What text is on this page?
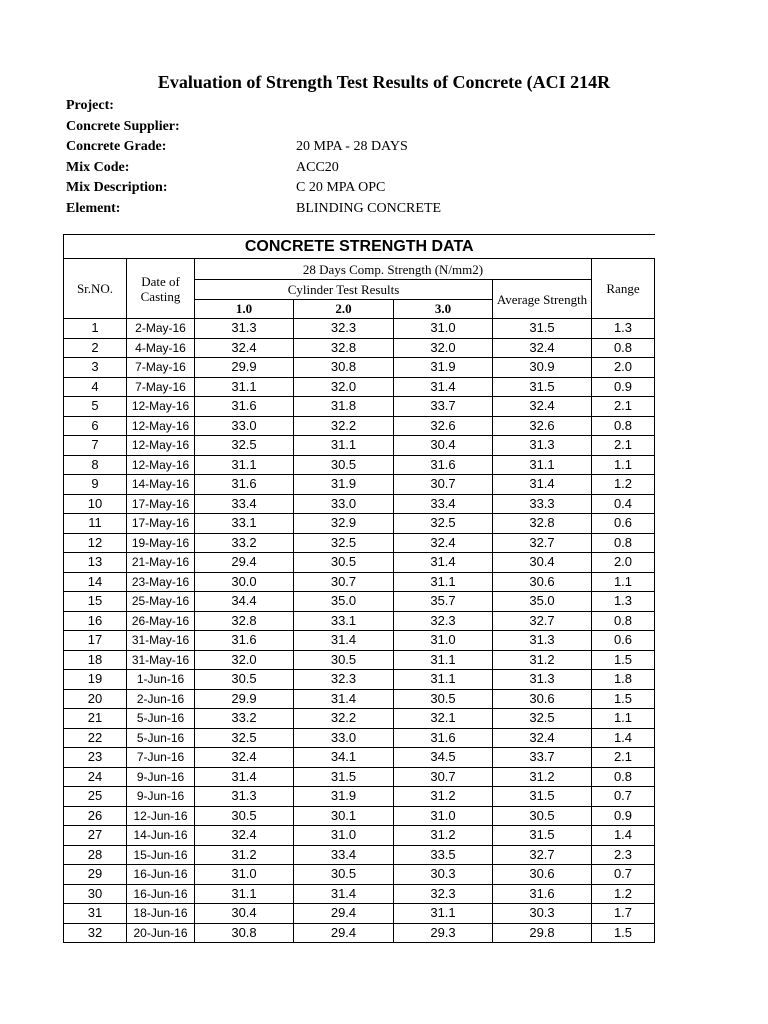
Evaluation of Strength Test Results of Concrete (ACI 214R
Project:
Concrete Supplier:
Concrete Grade:	20 MPA - 28 DAYS
Mix Code:	ACC20
Mix Description:	C 20 MPA OPC
Element:	BLINDING CONCRETE
CONCRETE STRENGTH DATA						
Sr.NO.	Date of Casting	28 Days Comp. Strength (N/mm2)				Range
		Cylinder Test Results			Average Strength	
		1.0	2.0	3.0		
1	2-May-16	31.3	32.3	31.0	31.5	1.3
2	4-May-16	32.4	32.8	32.0	32.4	0.8
3	7-May-16	29.9	30.8	31.9	30.9	2.0
4	7-May-16	31.1	32.0	31.4	31.5	0.9
5	12-May-16	31.6	31.8	33.7	32.4	2.1
6	12-May-16	33.0	32.2	32.6	32.6	0.8
7	12-May-16	32.5	31.1	30.4	31.3	2.1
8	12-May-16	31.1	30.5	31.6	31.1	1.1
9	14-May-16	31.6	31.9	30.7	31.4	1.2
10	17-May-16	33.4	33.0	33.4	33.3	0.4
11	17-May-16	33.1	32.9	32.5	32.8	0.6
12	19-May-16	33.2	32.5	32.4	32.7	0.8
13	21-May-16	29.4	30.5	31.4	30.4	2.0
14	23-May-16	30.0	30.7	31.1	30.6	1.1
15	25-May-16	34.4	35.0	35.7	35.0	1.3
16	26-May-16	32.8	33.1	32.3	32.7	0.8
17	31-May-16	31.6	31.4	31.0	31.3	0.6
18	31-May-16	32.0	30.5	31.1	31.2	1.5
19	1-Jun-16	30.5	32.3	31.1	31.3	1.8
20	2-Jun-16	29.9	31.4	30.5	30.6	1.5
21	5-Jun-16	33.2	32.2	32.1	32.5	1.1
22	5-Jun-16	32.5	33.0	31.6	32.4	1.4
23	7-Jun-16	32.4	34.1	34.5	33.7	2.1
24	9-Jun-16	31.4	31.5	30.7	31.2	0.8
25	9-Jun-16	31.3	31.9	31.2	31.5	0.7
26	12-Jun-16	30.5	30.1	31.0	30.5	0.9
27	14-Jun-16	32.4	31.0	31.2	31.5	1.4
28	15-Jun-16	31.2	33.4	33.5	32.7	2.3
29	16-Jun-16	31.0	30.5	30.3	30.6	0.7
30	16-Jun-16	31.1	31.4	32.3	31.6	1.2
31	18-Jun-16	30.4	29.4	31.1	30.3	1.7
32	20-Jun-16	30.8	29.4	29.3	29.8	1.5
